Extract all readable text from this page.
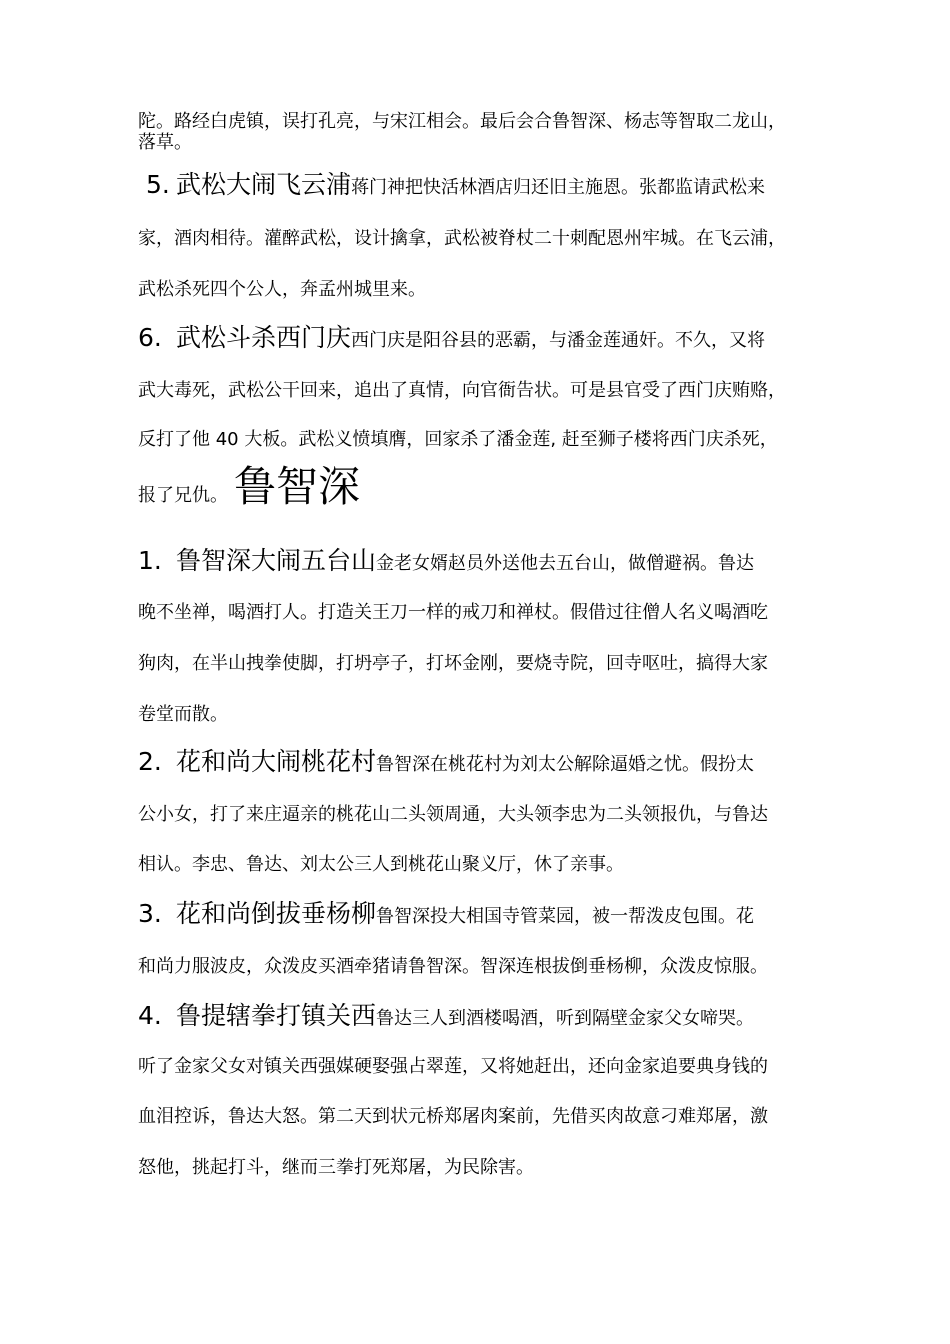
陀。路经白虎镇，误打孔亮，与宋江相会。最后会合鲁智深、杨志等智取二龙山，
落草。
5. 武松大闹飞云浦蒋门神把快活林酒店归还旧主施恩。张都监请武松来
家，酒肉相待。灌醉武松，设计擒拿，武松被脊杖二十刺配恩州牢城。在飞云浦，
武松杀死四个公人，奔孟州城里来。
6. 武松斗杀西门庆西门庆是阳谷县的恶霸，与潘金莲通奸。不久，又将
武大毒死，武松公干回来，追出了真情，向官衙告状。可是县官受了西门庆贿赂，
反打了他 40 大板。武松义愤填膺，回家杀了潘金莲, 赶至狮子楼将西门庆杀死，
报了兄仇。 鲁智深
1. 鲁智深大闹五台山金老女婿赵员外送他去五台山，做僧避祸。鲁达
晚不坐禅，喝酒打人。打造关王刀一样的戒刀和禅杖。假借过往僧人名义喝酒吃
狗肉，在半山拽拳使脚，打坍亭子，打坏金刚，要烧寺院，回寺呕吐，搞得大家
卷堂而散。
2. 花和尚大闹桃花村鲁智深在桃花村为刘太公解除逼婚之忧。假扮太
公小女，打了来庄逼亲的桃花山二头领周通，大头领李忠为二头领报仇，与鲁达
相认。李忠、鲁达、刘太公三人到桃花山聚义厅，休了亲事。
3. 花和尚倒拔垂杨柳鲁智深投大相国寺管菜园，被一帮泼皮包围。花
和尚力服波皮，众泼皮买酒牵猪请鲁智深。智深连根拔倒垂杨柳，众泼皮惊服。
4. 鲁提辖拳打镇关西鲁达三人到酒楼喝酒，听到隔壁金家父女啼哭。
听了金家父女对镇关西强媒硬娶强占翠莲，又将她赶出，还向金家追要典身钱的
血泪控诉，鲁达大怒。第二天到状元桥郑屠肉案前，先借买肉故意刁难郑屠，激
怒他，挑起打斗，继而三拳打死郑屠，为民除害。
